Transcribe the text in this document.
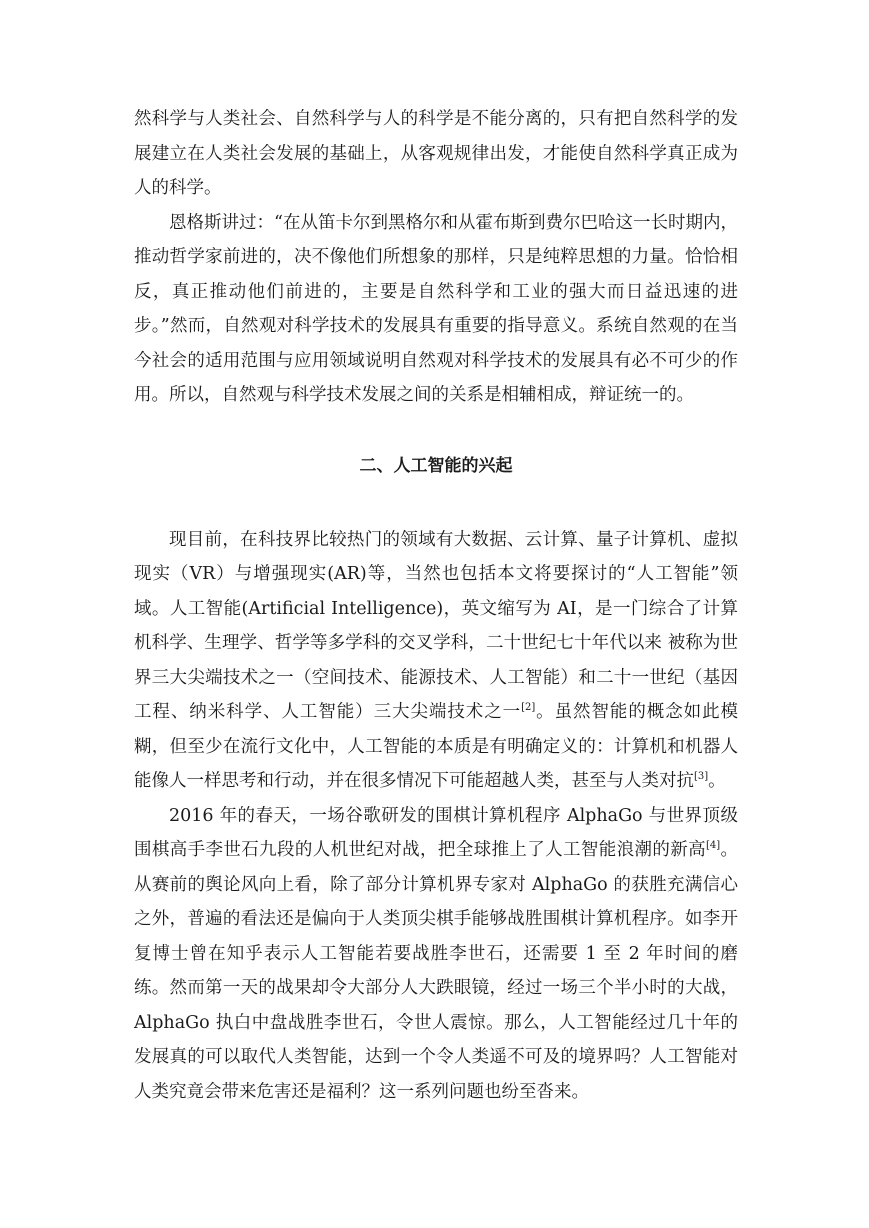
然科学与人类社会、自然科学与人的科学是不能分离的，只有把自然科学的发展建立在人类社会发展的基础上，从客观规律出发，才能使自然科学真正成为人的科学。

恩格斯讲过：“在从笛卡尔到黑格尔和从霍布斯到费尔巴哈这一长时期内，推动哲学家前进的，决不像他们所想象的那样，只是纯粹思想的力量。恰恰相反，真正推动他们前进的，主要是自然科学和工业的强大而日益迅速的进步。”然而，自然观对科学技术的发展具有重要的指导意义。系统自然观的在当今社会的适用范围与应用领域说明自然观对科学技术的发展具有必不可少的作用。所以，自然观与科学技术发展之间的关系是相辅相成，辩证统一的。

二、人工智能的兴起

现目前，在科技界比较热门的领域有大数据、云计算、量子计算机、虚拟现实（VR）与增强现实(AR)等，当然也包括本文将要探讨的“人工智能”领域。人工智能(Artificial Intelligence)，英文缩写为 AI，是一门综合了计算机科学、生理学、哲学等多学科的交叉学科，二十世纪七十年代以来 被称为世界三大尖端技术之一（空间技术、能源技术、人工智能）和二十一世纪（基因工程、纳米科学、人工智能）三大尖端技术之一[2]。虽然智能的概念如此模糊，但至少在流行文化中，人工智能的本质是有明确定义的：计算机和机器人能像人一样思考和行动，并在很多情况下可能超越人类，甚至与人类对抗[3]。

2016 年的春天，一场谷歌研发的围棋计算机程序 AlphaGo 与世界顶级围棋高手李世石九段的人机世纪对战，把全球推上了人工智能浪潮的新高[4]。从赛前的舆论风向上看，除了部分计算机界专家对 AlphaGo 的获胜充满信心之外，普遍的看法还是偏向于人类顶尖棋手能够战胜围棋计算机程序。如李开复博士曾在知乎表示人工智能若要战胜李世石，还需要 1 至 2 年时间的磨练。然而第一天的战果却令大部分人大跌眼镜，经过一场三个半小时的大战，AlphaGo 执白中盘战胜李世石，令世人震惊。那么，人工智能经过几十年的发展真的可以取代人类智能，达到一个令人类遥不可及的境界吗？人工智能对人类究竟会带来危害还是福利？这一系列问题也纷至沓来。
